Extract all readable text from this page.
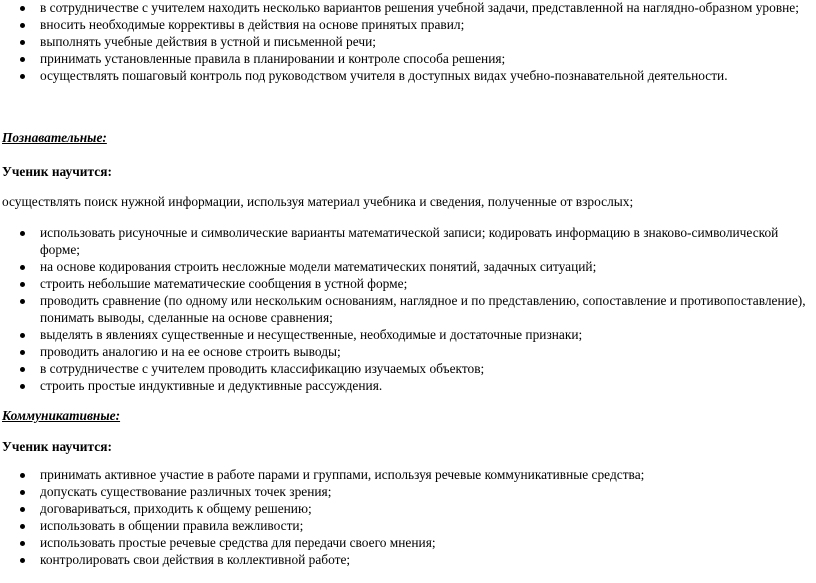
в сотрудничестве с учителем находить несколько вариантов решения учебной задачи, представленной на наглядно-образном уровне;
вносить необходимые коррективы в действия на основе принятых правил;
выполнять учебные действия в устной и письменной речи;
принимать установленные правила в планировании и контроле способа решения;
осуществлять пошаговый контроль под руководством учителя в доступных видах учебно-познавательной деятельности.
Познавательные:
Ученик научится:
осуществлять поиск нужной информации, используя материал учебника и сведения, полученные от взрослых;
использовать рисуночные и символические варианты математической записи; кодировать информацию в знаково-символической форме;
на основе кодирования строить несложные модели математических понятий, задачных ситуаций;
строить небольшие математические сообщения в устной форме;
проводить сравнение (по одному или нескольким основаниям, наглядное и по представлению, сопоставление и противопоставление), понимать выводы, сделанные на основе сравнения;
выделять в явлениях существенные и несущественные, необходимые и достаточные признаки;
проводить аналогию и на ее основе строить выводы;
в сотрудничестве с учителем проводить классификацию изучаемых объектов;
строить простые индуктивные и дедуктивные рассуждения.
Коммуникативные:
Ученик научится:
принимать активное участие в работе парами и группами, используя речевые коммуникативные средства;
допускать существование различных точек зрения;
договариваться, приходить к общему решению;
использовать в общении правила вежливости;
использовать простые речевые средства для передачи своего мнения;
контролировать свои действия в коллективной работе;
